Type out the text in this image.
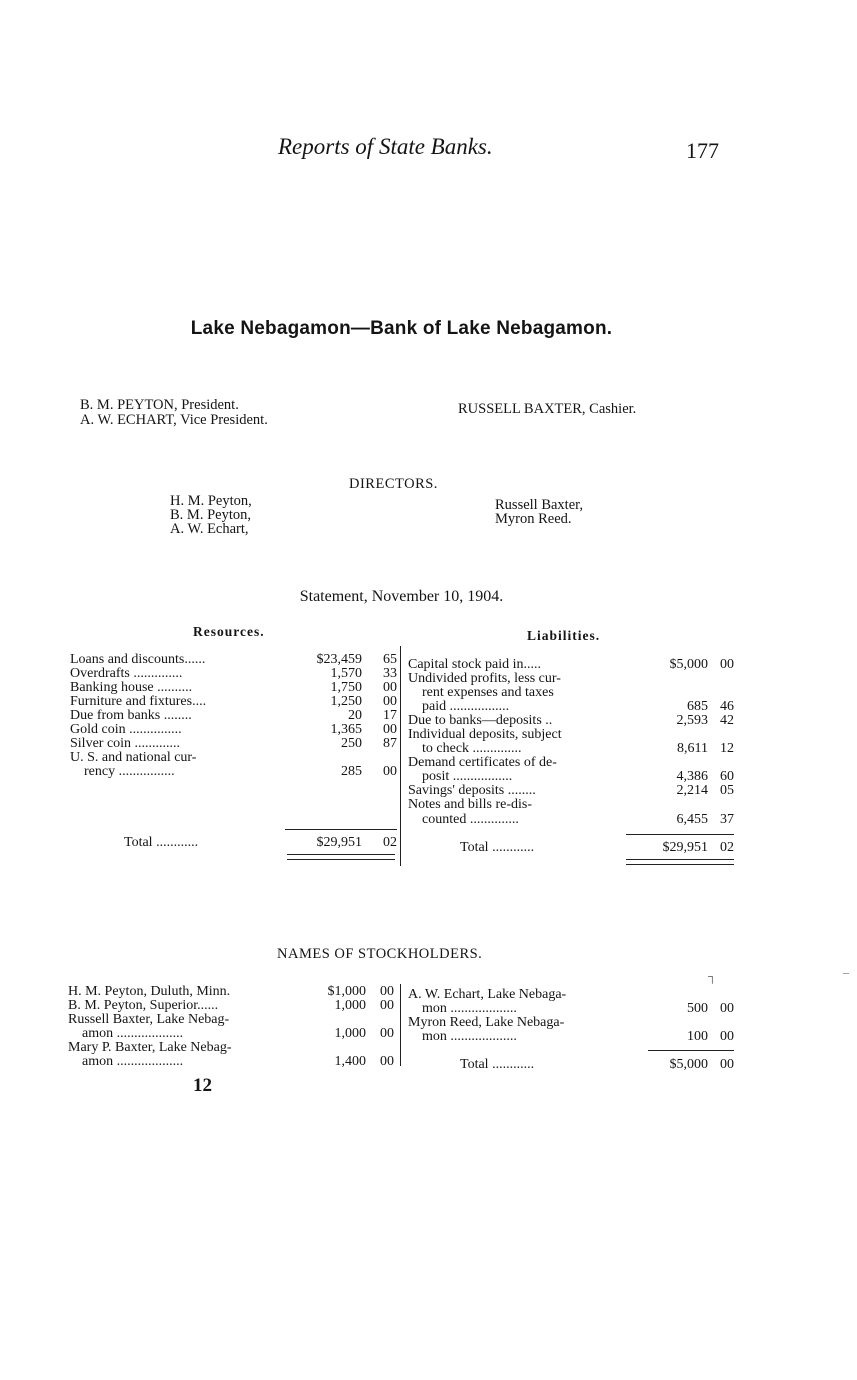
Reports of State Banks.	177
Lake Nebagamon—Bank of Lake Nebagamon.
B. M. PEYTON, President.
A. W. ECHART, Vice President.
RUSSELL BAXTER, Cashier.
DIRECTORS.
H. M. Peyton,
B. M. Peyton,
A. W. Echart,
Russell Baxter,
Myron Reed.
Statement, November 10, 1904.
Resources.	Liabilities.
Loans and discounts......	$23,459	65
Overdrafts ..............	1,570	33
Banking house ..........	1,750	00
Furniture and fixtures....	1,250	00
Due from banks ........	20	17
Gold coin ...............	1,365	00
Silver coin .............	250	87
U. S. and national cur-
rency ................	285	00
Total ............	$29,951	02
Capital stock paid in.....	$5,000 00
Undivided profits, less cur-
rent expenses and taxes
paid .................	685 46
Due to banks—deposits ..	2,593 42
Individual deposits, subject
to check ..............	8,611 12
Demand certificates of de-
posit .................	4,386 60
Savings' deposits ........	2,214 05
Notes and bills re-dis-
counted ..............	6,455 37
Total ............	$29,951 02
NAMES OF STOCKHOLDERS.
H. M. Peyton, Duluth, Minn.	$1,000	00
B. M. Peyton, Superior......	1,000	00
Russell Baxter, Lake Nebag-
amon ...................	1,000	00
Mary P. Baxter, Lake Nebag-
amon ...................	1,400	00
A. W. Echart, Lake Nebaga-
mon ...................	500 00
Myron Reed, Lake Nebaga-
mon ...................	100 00
Total ............	$5,000 00
12
┐	–
